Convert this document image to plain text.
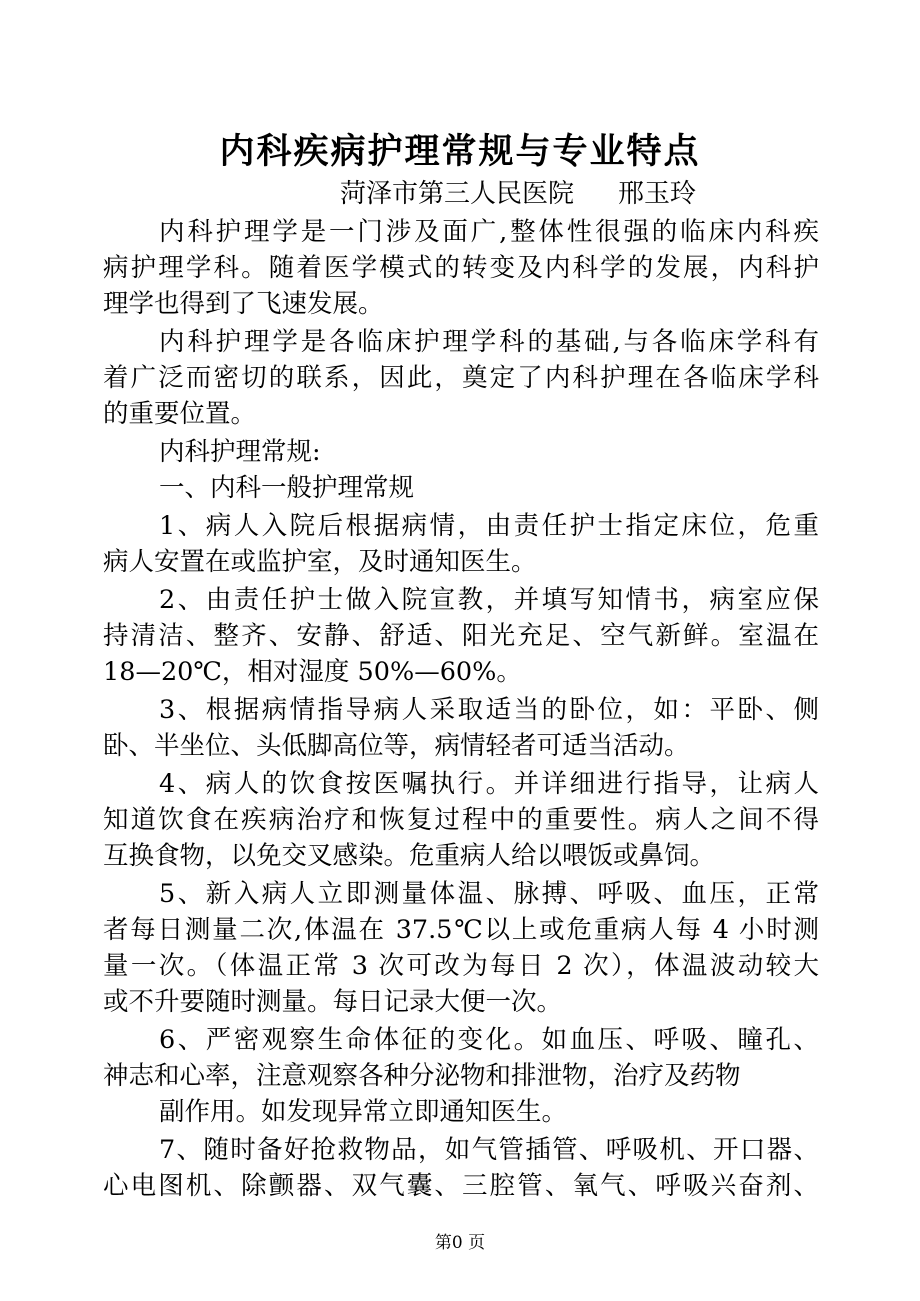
内科疾病护理常规与专业特点
菏泽市第三人民医院 邢玉玲
内科护理学是一门涉及面广,整体性很强的临床内科疾
病护理学科。随着医学模式的转变及内科学的发展，内科护
理学也得到了飞速发展。
内科护理学是各临床护理学科的基础,与各临床学科有
着广泛而密切的联系，因此，奠定了内科护理在各临床学科
的重要位置。
内科护理常规:
一、内科一般护理常规
1、病人入院后根据病情，由责任护士指定床位，危重
病人安置在或监护室，及时通知医生。
2、由责任护士做入院宣教，并填写知情书，病室应保
持清洁、整齐、安静、舒适、阳光充足、空气新鲜。室温在
18—20℃，相对湿度 50%—60%。
3、根据病情指导病人采取适当的卧位，如：平卧、侧
卧、半坐位、头低脚高位等，病情轻者可适当活动。
4、病人的饮食按医嘱执行。并详细进行指导，让病人
知道饮食在疾病治疗和恢复过程中的重要性。病人之间不得
互换食物，以免交叉感染。危重病人给以喂饭或鼻饲。
5、新入病人立即测量体温、脉搏、呼吸、血压，正常
者每日测量二次,体温在 37.5℃以上或危重病人每 4 小时测
量一次。（体温正常 3 次可改为每日 2 次），体温波动较大
或不升要随时测量。每日记录大便一次。
6、严密观察生命体征的变化。如血压、呼吸、瞳孔、
神志和心率，注意观察各种分泌物和排泄物，治疗及药物
副作用。如发现异常立即通知医生。
7、随时备好抢救物品，如气管插管、呼吸机、开口器、
心电图机、除颤器、双气囊、三腔管、氧气、呼吸兴奋剂、
第0 页
